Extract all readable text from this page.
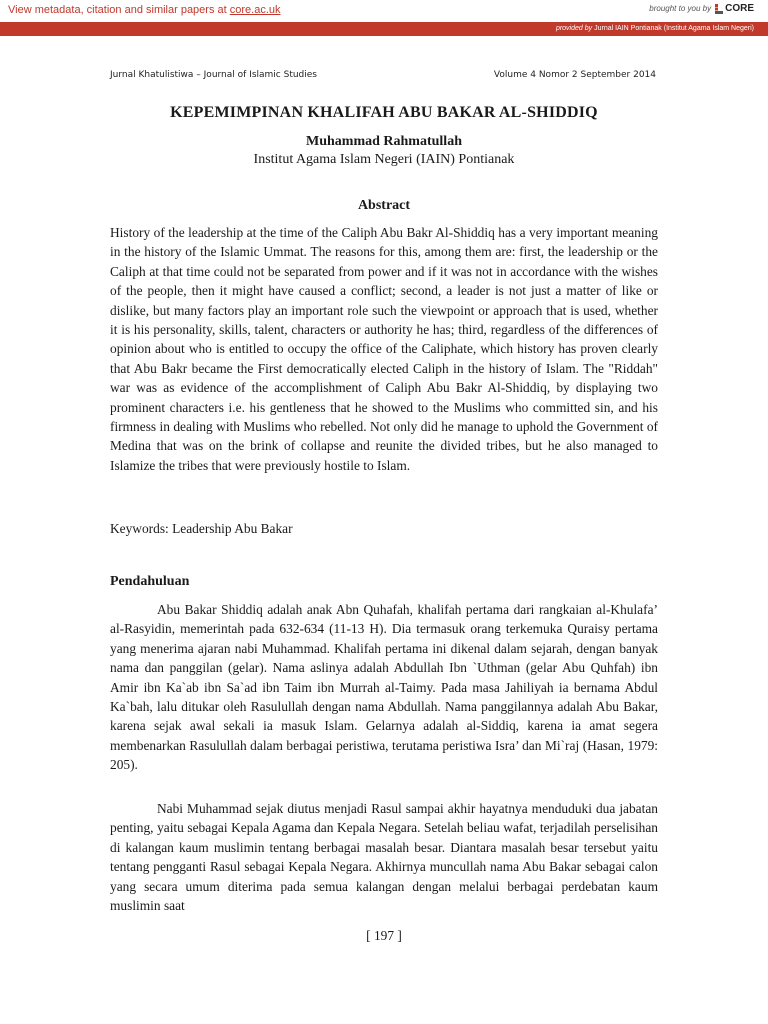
View metadata, citation and similar papers at core.ac.uk	brought to you by CORE
provided by Jurnal IAIN Pontianak (Institut Agama Islam Negeri)
Jurnal Khatulistiwa – Journal of Islamic Studies	Volume 4 Nomor 2 September 2014
KEPEMIMPINAN KHALIFAH ABU BAKAR AL-SHIDDIQ
Muhammad Rahmatullah
Institut Agama Islam Negeri (IAIN) Pontianak
Abstract

History of the leadership at the time of the Caliph Abu Bakr Al-Shiddiq has a very important meaning in the history of the Islamic Ummat. The reasons for this, among them are: first, the leadership or the Caliph at that time could not be separated from power and if it was not in accordance with the wishes of the people, then it might have caused a conflict; second, a leader is not just a matter of like or dislike, but many factors play an important role such the viewpoint or approach that is used, whether it is his personality, skills, talent, characters or authority he has; third, regardless of the differences of opinion about who is entitled to occupy the office of the Caliphate, which history has proven clearly that Abu Bakr became the First democratically elected Caliph in the history of Islam. The "Riddah" war was as evidence of the accomplishment of Caliph Abu Bakr Al-Shiddiq, by displaying two prominent characters i.e. his gentleness that he showed to the Muslims who committed sin, and his firmness in dealing with Muslims who rebelled. Not only did he manage to uphold the Government of Medina that was on the brink of collapse and reunite the divided tribes, but he also managed to Islamize the tribes that were previously hostile to Islam.

Keywords: Leadership Abu Bakar

Pendahuluan

Abu Bakar Shiddiq adalah anak Abn Quhafah, khalifah pertama dari rangkaian al-Khulafa’ al-Rasyidin, memerintah pada 632-634 (11-13 H). Dia termasuk orang terkemuka Quraisy pertama yang menerima ajaran nabi Muhammad. Khalifah pertama ini dikenal dalam sejarah, dengan banyak nama dan panggilan (gelar). Nama aslinya adalah Abdullah Ibn `Uthman (gelar Abu Quhfah) ibn Amir ibn Ka`ab ibn Sa`ad ibn Taim ibn Murrah al-Taimy. Pada masa Jahiliyah ia bernama Abdul Ka`bah, lalu ditukar oleh Rasulullah dengan nama Abdullah. Nama panggilannya adalah Abu Bakar, karena sejak awal sekali ia masuk Islam. Gelarnya adalah al-Siddiq, karena ia amat segera membenarkan Rasulullah dalam berbagai peristiwa, terutama peristiwa Isra’ dan Mi`raj (Hasan, 1979: 205).

Nabi Muhammad sejak diutus menjadi Rasul sampai akhir hayatnya menduduki dua jabatan penting, yaitu sebagai Kepala Agama dan Kepala Negara. Setelah beliau wafat, terjadilah perselisihan di kalangan kaum muslimin tentang berbagai masalah besar. Diantara masalah besar tersebut yaitu tentang pengganti Rasul sebagai Kepala Negara. Akhirnya muncullah nama Abu Bakar sebagai calon yang secara umum diterima pada semua kalangan dengan melalui berbagai perdebatan kaum muslimin saat

[ 197 ]
